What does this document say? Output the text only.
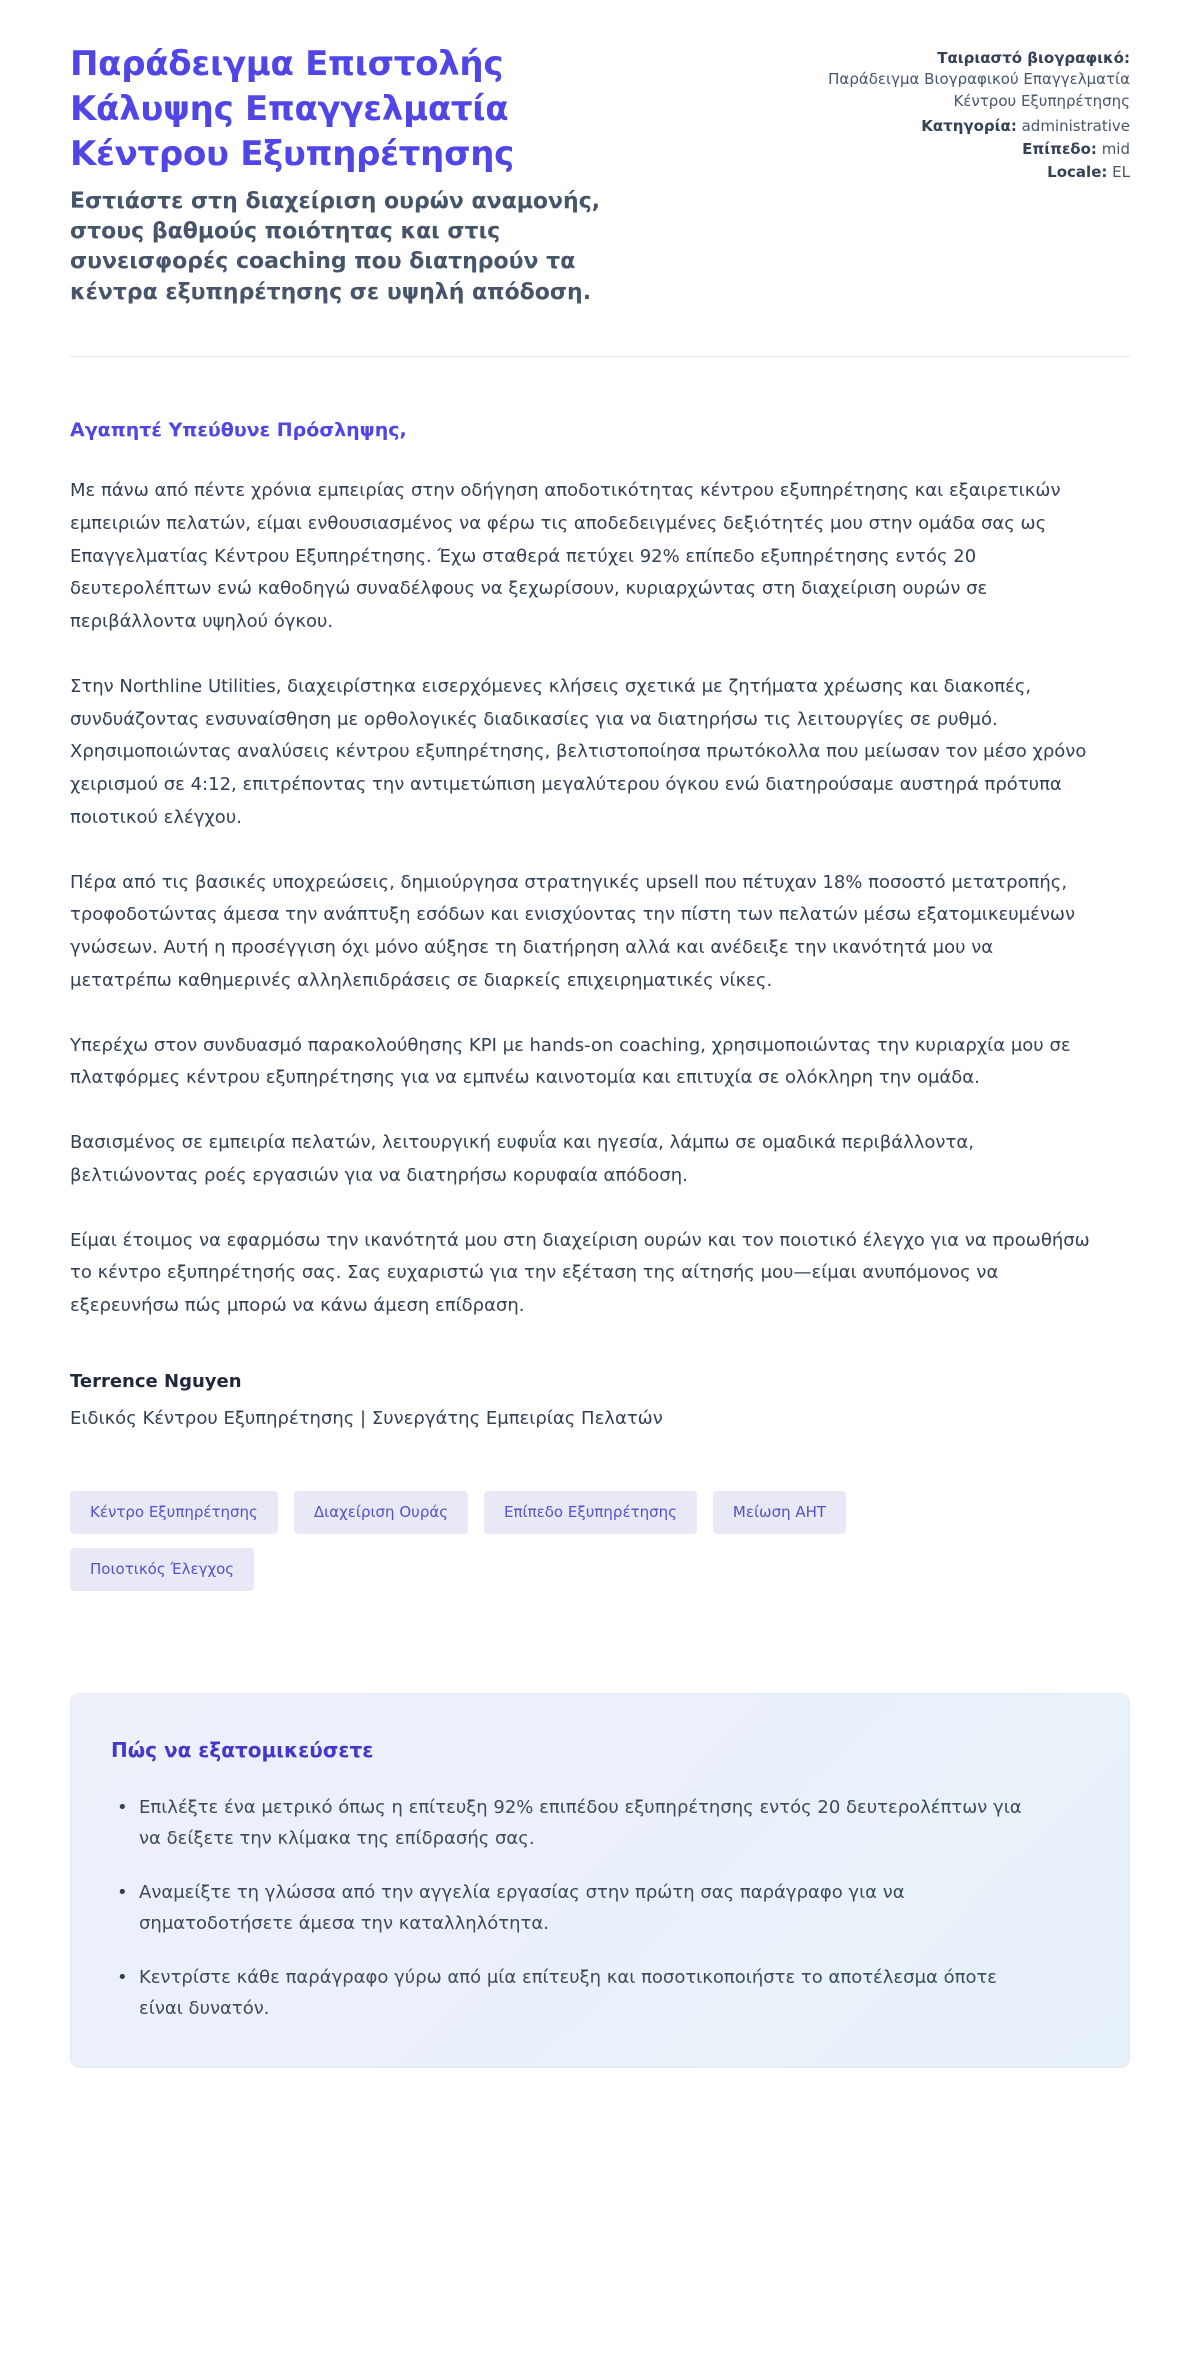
Παράδειγμα Επιστολής Κάλυψης Επαγγελματία Κέντρου Εξυπηρέτησης

Εστιάστε στη διαχείριση ουρών αναμονής, στους βαθμούς ποιότητας και στις συνεισφορές coaching που διατηρούν τα κέντρα εξυπηρέτησης σε υψηλή απόδοση.

Ταιριαστό βιογραφικό:
Παράδειγμα Βιογραφικού Επαγγελματία Κέντρου Εξυπηρέτησης
Κατηγορία: administrative
Επίπεδο: mid
Locale: EL

Αγαπητέ Υπεύθυνε Πρόσληψης,

Με πάνω από πέντε χρόνια εμπειρίας στην οδήγηση αποδοτικότητας κέντρου εξυπηρέτησης και εξαιρετικών εμπειριών πελατών, είμαι ενθουσιασμένος να φέρω τις αποδεδειγμένες δεξιότητές μου στην ομάδα σας ως Επαγγελματίας Κέντρου Εξυπηρέτησης. Έχω σταθερά πετύχει 92% επίπεδο εξυπηρέτησης εντός 20 δευτερολέπτων ενώ καθοδηγώ συναδέλφους να ξεχωρίσουν, κυριαρχώντας στη διαχείριση ουρών σε περιβάλλοντα υψηλού όγκου.

Στην Northline Utilities, διαχειρίστηκα εισερχόμενες κλήσεις σχετικά με ζητήματα χρέωσης και διακοπές, συνδυάζοντας ενσυναίσθηση με ορθολογικές διαδικασίες για να διατηρήσω τις λειτουργίες σε ρυθμό. Χρησιμοποιώντας αναλύσεις κέντρου εξυπηρέτησης, βελτιστοποίησα πρωτόκολλα που μείωσαν τον μέσο χρόνο χειρισμού σε 4:12, επιτρέποντας την αντιμετώπιση μεγαλύτερου όγκου ενώ διατηρούσαμε αυστηρά πρότυπα ποιοτικού ελέγχου.

Πέρα από τις βασικές υποχρεώσεις, δημιούργησα στρατηγικές upsell που πέτυχαν 18% ποσοστό μετατροπής, τροφοδοτώντας άμεσα την ανάπτυξη εσόδων και ενισχύοντας την πίστη των πελατών μέσω εξατομικευμένων γνώσεων. Αυτή η προσέγγιση όχι μόνο αύξησε τη διατήρηση αλλά και ανέδειξε την ικανότητά μου να μετατρέπω καθημερινές αλληλεπιδράσεις σε διαρκείς επιχειρηματικές νίκες.

Υπερέχω στον συνδυασμό παρακολούθησης KPI με hands-on coaching, χρησιμοποιώντας την κυριαρχία μου σε πλατφόρμες κέντρου εξυπηρέτησης για να εμπνέω καινοτομία και επιτυχία σε ολόκληρη την ομάδα.

Βασισμένος σε εμπειρία πελατών, λειτουργική ευφυΐα και ηγεσία, λάμπω σε ομαδικά περιβάλλοντα, βελτιώνοντας ροές εργασιών για να διατηρήσω κορυφαία απόδοση.

Είμαι έτοιμος να εφαρμόσω την ικανότητά μου στη διαχείριση ουρών και τον ποιοτικό έλεγχο για να προωθήσω το κέντρο εξυπηρέτησής σας. Σας ευχαριστώ για την εξέταση της αίτησής μου—είμαι ανυπόμονος να εξερευνήσω πώς μπορώ να κάνω άμεση επίδραση.

Terrence Nguyen

Ειδικός Κέντρου Εξυπηρέτησης | Συνεργάτης Εμπειρίας Πελατών

Κέντρο Εξυπηρέτησης	Διαχείριση Ουράς	Επίπεδο Εξυπηρέτησης	Μείωση AHT
Ποιοτικός Έλεγχος
Πώς να εξατομικεύσετε
• Επιλέξτε ένα μετρικό όπως η επίτευξη 92% επιπέδου εξυπηρέτησης εντός 20 δευτερολέπτων για να δείξετε την κλίμακα της επίδρασής σας.
• Αναμείξτε τη γλώσσα από την αγγελία εργασίας στην πρώτη σας παράγραφο για να σηματοδοτήσετε άμεσα την καταλληλότητα.
• Κεντρίστε κάθε παράγραφο γύρω από μία επίτευξη και ποσοτικοποιήστε το αποτέλεσμα όποτε είναι δυνατόν.
